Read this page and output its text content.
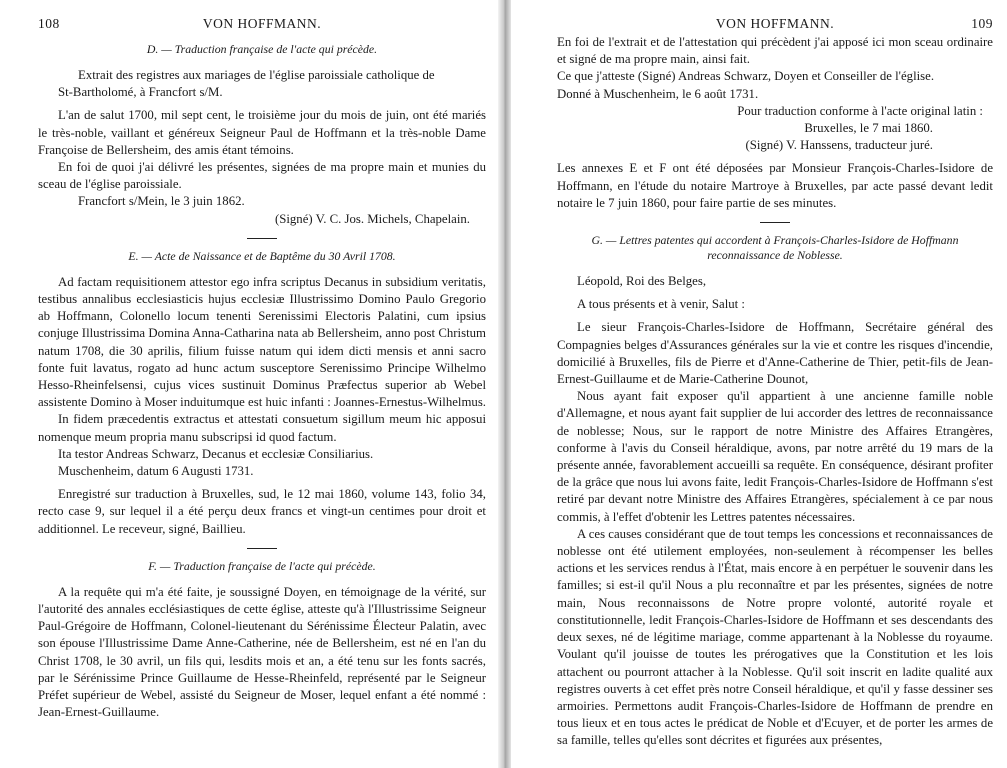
108	VON HOFFMANN.
D. — Traduction française de l'acte qui précède.

Extrait des registres aux mariages de l'église paroissiale catholique de

St-Bartholomé, à Francfort s/M.

L'an de salut 1700, mil sept cent, le troisième jour du mois de juin, ont été mariés le très-noble, vaillant et généreux Seigneur Paul de Hoffmann et la très-noble Dame Françoise de Bellersheim, des amis étant témoins.

En foi de quoi j'ai délivré les présentes, signées de ma propre main et munies du sceau de l'église paroissiale.

Francfort s/Mein, le 3 juin 1862.

(Signé) V. C. Jos. Michels, Chapelain.

E. — Acte de Naissance et de Baptême du 30 Avril 1708.

Ad factam requisitionem attestor ego infra scriptus Decanus in subsidium veritatis, testibus annalibus ecclesiasticis hujus ecclesiæ Illustrissimo Domino Paulo Gregorio ab Hoffmann, Colonello locum tenenti Serenissimi Electoris Palatini, cum ipsius conjuge Illustrissima Domina Anna-Catharina nata ab Bellersheim, anno post Christum natum 1708, die 30 aprilis, filium fuisse natum qui idem dicti mensis et anni sacro fonte fuit lavatus, rogato ad hunc actum susceptore Serenissimo Principe Wilhelmo Hesso-Rheinfelsensi, cujus vices sustinuit Dominus Præfectus superior ab Webel assistente Domino à Moser induitumque est huic infanti : Joannes-Ernestus-Wilhelmus.

In fidem præcedentis extractus et attestati consuetum sigillum meum hic apposui nomenque meum propria manu subscripsi id quod factum.

Ita testor Andreas Schwarz, Decanus et ecclesiæ Consiliarius.

Muschenheim, datum 6 Augusti 1731.

Enregistré sur traduction à Bruxelles, sud, le 12 mai 1860, volume 143, folio 34, recto case 9, sur lequel il a été perçu deux francs et vingt-un centimes pour droit et additionnel. Le receveur, signé, Baillieu.

F. — Traduction française de l'acte qui précède.

A la requête qui m'a été faite, je soussigné Doyen, en témoignage de la vérité, sur l'autorité des annales ecclésiastiques de cette église, atteste qu'à l'Illustrissime Seigneur Paul-Grégoire de Hoffmann, Colonel-lieutenant du Sérénissime Électeur Palatin, avec son épouse l'Illustrissime Dame Anne-Catherine, née de Bellersheim, est né en l'an du Christ 1708, le 30 avril, un fils qui, lesdits mois et an, a été tenu sur les fonts sacrés, par le Sérénissime Prince Guillaume de Hesse-Rheinfeld, représenté par le Seigneur Préfet supérieur de Webel, assisté du Seigneur de Moser, lequel enfant a été nommé : Jean-Ernest-Guillaume.

VON HOFFMANN.	109

En foi de l'extrait et de l'attestation qui précèdent j'ai apposé ici mon sceau ordinaire et signé de ma propre main, ainsi fait.

Ce que j'atteste (Signé) Andreas Schwarz, Doyen et Conseiller de l'église.

Donné à Muschenheim, le 6 août 1731.

Pour traduction conforme à l'acte original latin :

Bruxelles, le 7 mai 1860.

(Signé) V. Hanssens, traducteur juré.

Les annexes E et F ont été déposées par Monsieur François-Charles-Isidore de Hoffmann, en l'étude du notaire Martroye à Bruxelles, par acte passé devant ledit notaire le 7 juin 1860, pour faire partie de ses minutes.

G. — Lettres patentes qui accordent à François-Charles-Isidore de Hoffmann
reconnaissance de Noblesse.

Léopold, Roi des Belges,

A tous présents et à venir, Salut :

Le sieur François-Charles-Isidore de Hoffmann, Secrétaire général des Compagnies belges d'Assurances générales sur la vie et contre les risques d'incendie, domicilié à Bruxelles, fils de Pierre et d'Anne-Catherine de Thier, petit-fils de Jean-Ernest-Guillaume et de Marie-Catherine Dounot,

Nous ayant fait exposer qu'il appartient à une ancienne famille noble d'Allemagne, et nous ayant fait supplier de lui accorder des lettres de reconnaissance de noblesse; Nous, sur le rapport de notre Ministre des Affaires Etrangères, conforme à l'avis du Conseil héraldique, avons, par notre arrêté du 19 mars de la présente année, favorablement accueilli sa requête. En conséquence, désirant profiter de la grâce que nous lui avons faite, ledit François-Charles-Isidore de Hoffmann s'est retiré par devant notre Ministre des Affaires Etrangères, spécialement à ce par nous commis, à l'effet d'obtenir les Lettres patentes nécessaires.

A ces causes considérant que de tout temps les concessions et reconnaissances de noblesse ont été utilement employées, non-seulement à récompenser les belles actions et les services rendus à l'État, mais encore à en perpétuer le souvenir dans les familles; si est-il qu'il Nous a plu reconnaître et par les présentes, signées de notre main, Nous reconnaissons de Notre propre volonté, autorité royale et constitutionnelle, ledit François-Charles-Isidore de Hoffmann et ses descendants des deux sexes, né de légitime mariage, comme appartenant à la Noblesse du royaume. Voulant qu'il jouisse de toutes les prérogatives que la Constitution et les lois attachent ou pourront attacher à la Noblesse. Qu'il soit inscrit en ladite qualité aux registres ouverts à cet effet près notre Conseil héraldique, et qu'il y fasse dessiner ses armoiries. Permettons audit François-Charles-Isidore de Hoffmann de prendre en tous lieux et en tous actes le prédicat de Noble et d'Ecuyer, et de porter les armes de sa famille, telles qu'elles sont décrites et figurées aux présentes,
